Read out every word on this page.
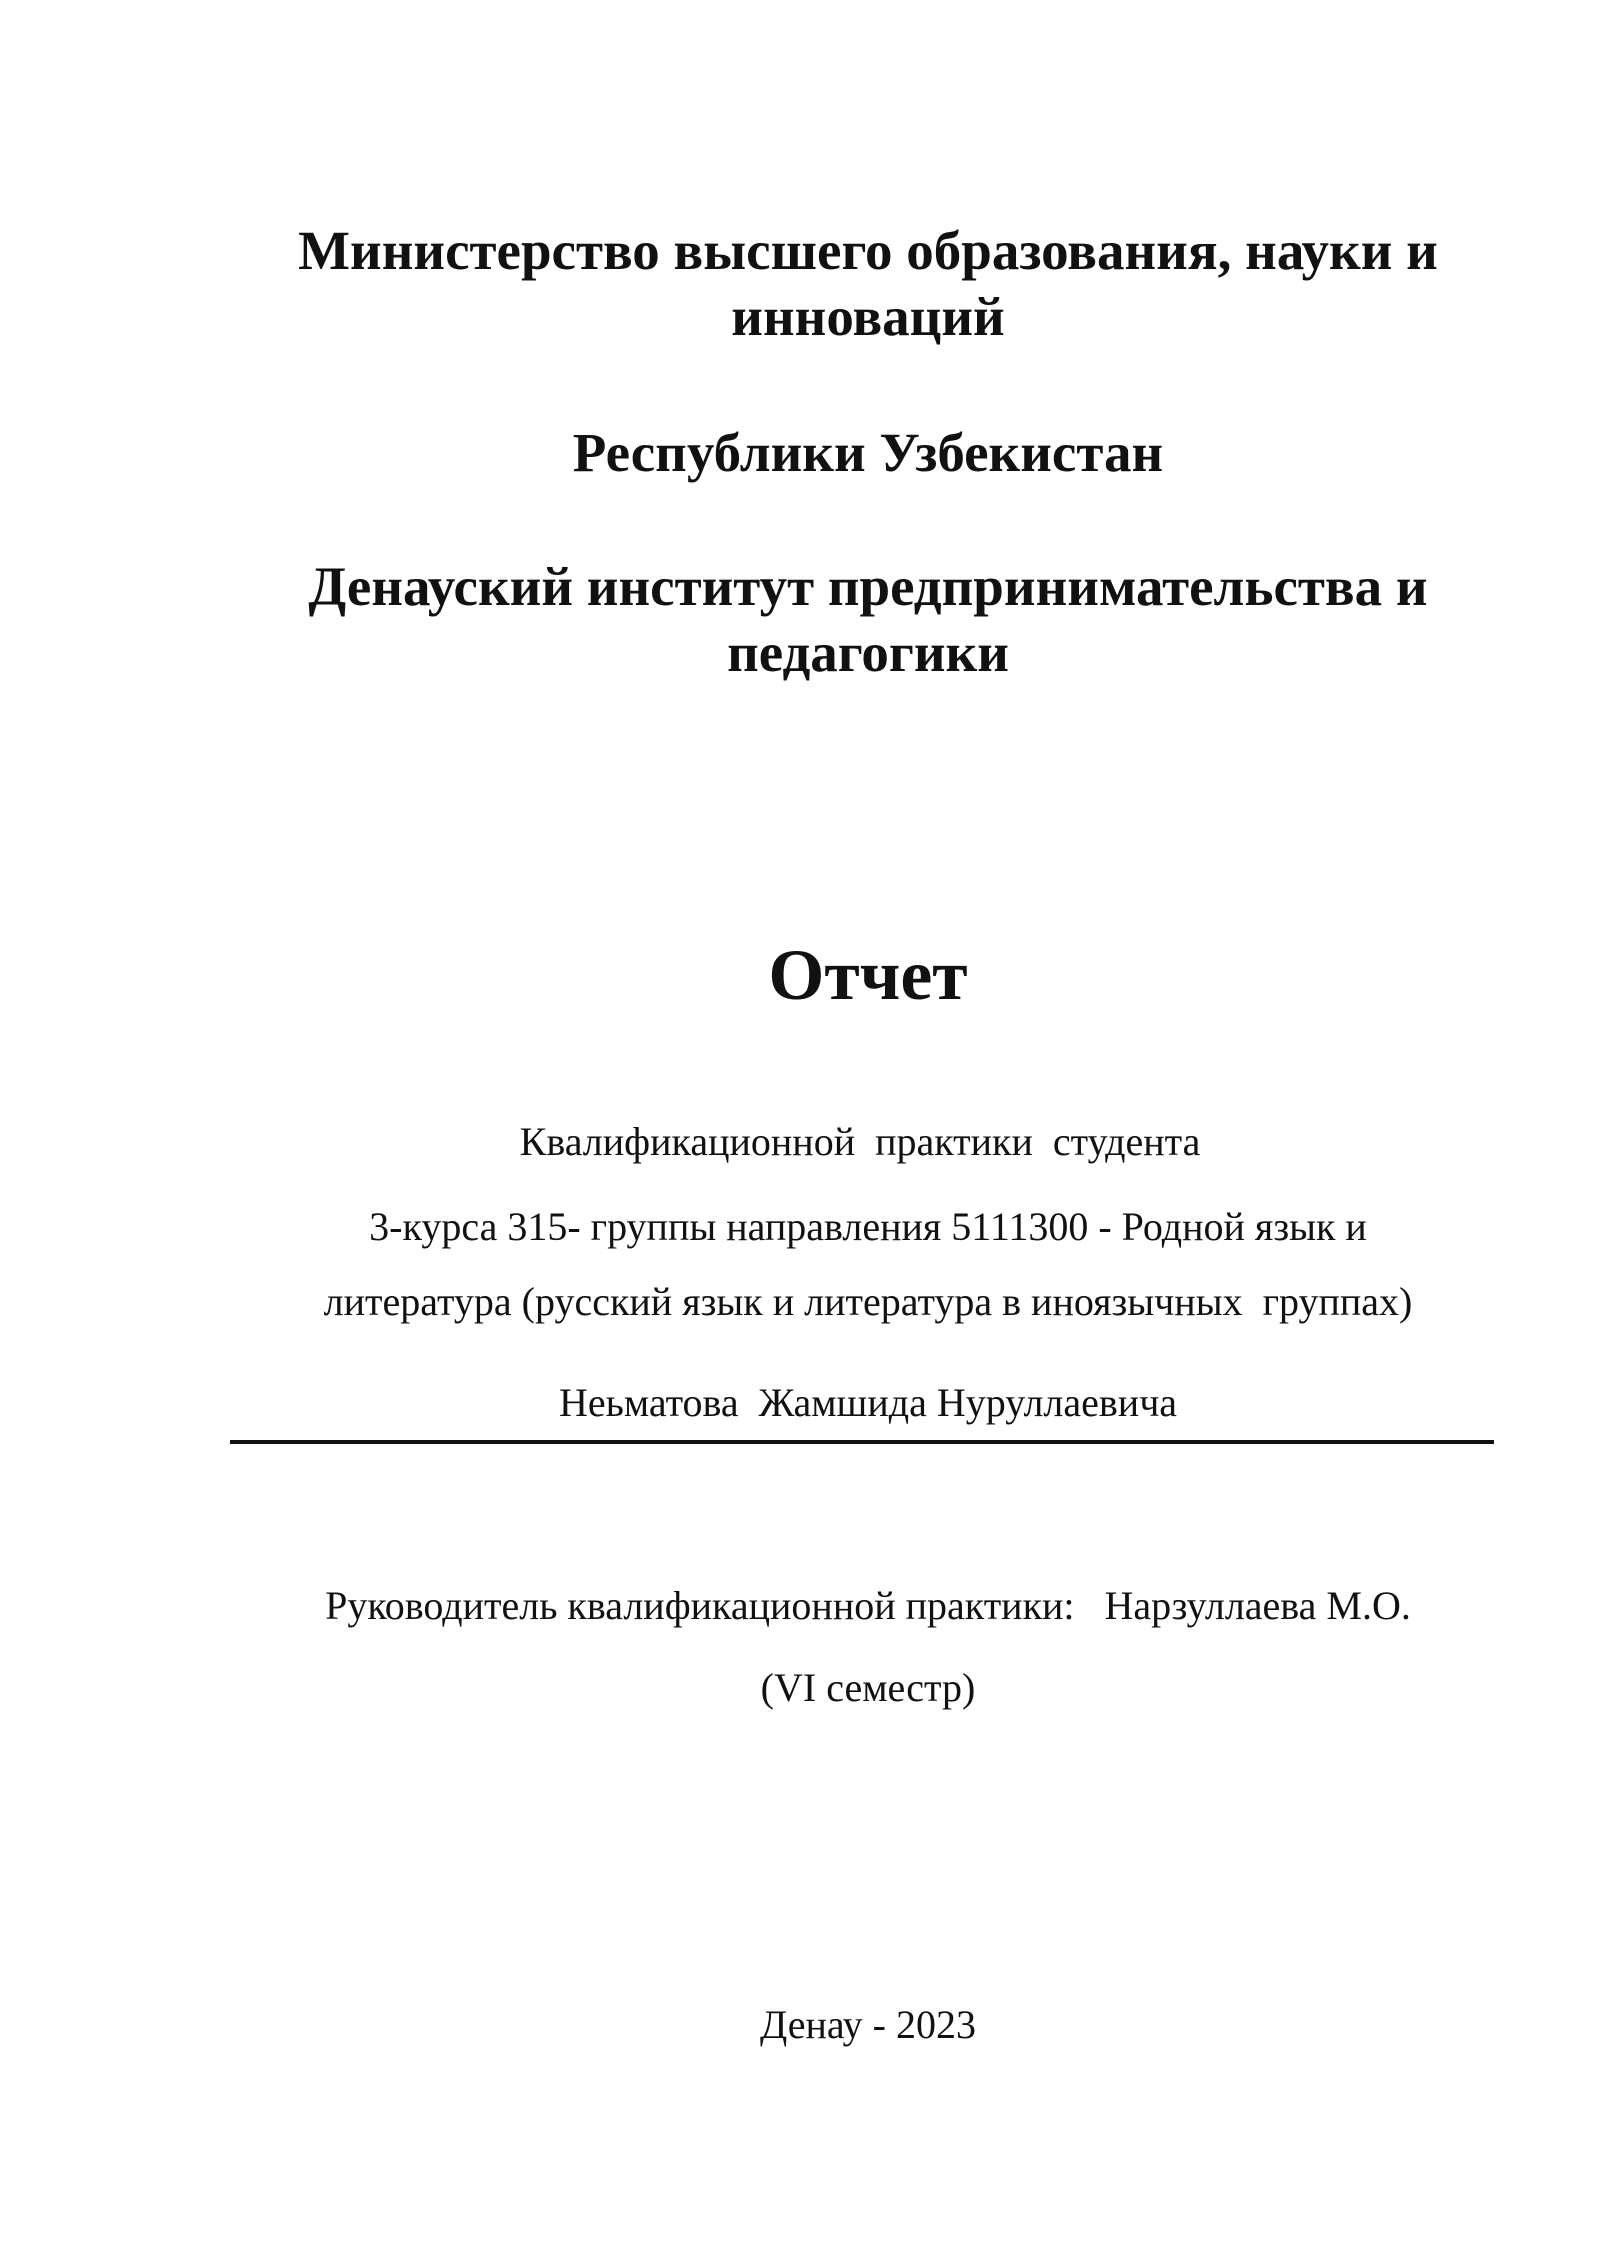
Министерство высшего образования, науки и инноваций
Республики Узбекистан
Денауский институт предпринимательства и педагогики
Отчет

Квалификационной  практики  студента

3-курса 315- группы направления 5111300 - Родной язык и

литература (русский язык и литература в иноязычных  группах)

Неьматова  Жамшида Нуруллаевича

Руководитель квалификационной практики:   Нарзуллаева М.О.

(VI семестр)

Денау - 2023
